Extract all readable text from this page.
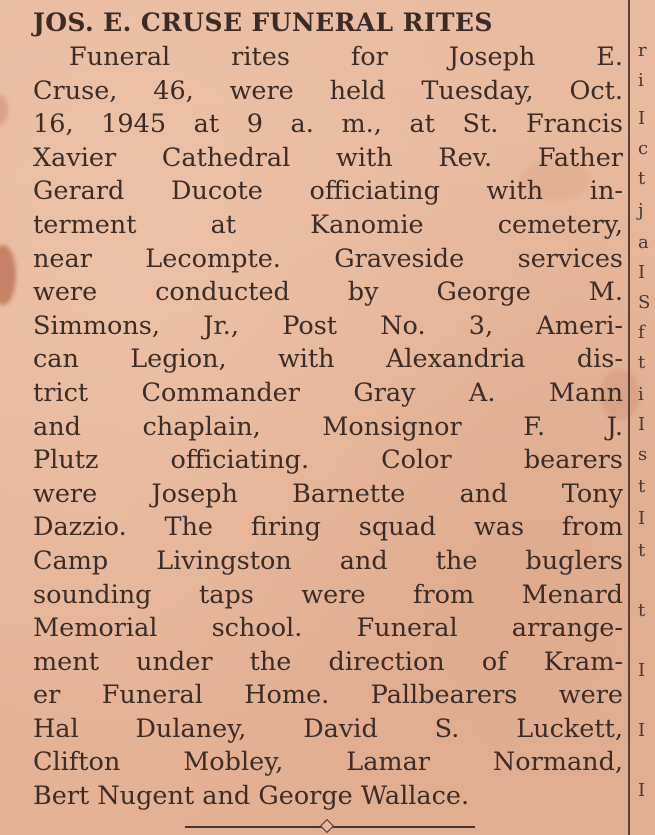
JOS. E. CRUSE FUNERAL RITES
Funeral rites for Joseph E.
Cruse, 46, were held Tuesday, Oct.
16, 1945 at 9 a. m., at St. Francis
Xavier Cathedral with Rev. Father
Gerard Ducote officiating with in-
terment at Kanomie cemetery,
near Lecompte. Graveside services
were conducted by George M.
Simmons, Jr., Post No. 3, Ameri-
can Legion, with Alexandria dis-
trict Commander Gray A. Mann
and chaplain, Monsignor F. J.
Plutz officiating. Color bearers
were Joseph Barnette and Tony
Dazzio. The firing squad was from
Camp Livingston and the buglers
sounding taps were from Menard
Memorial school. Funeral arrange-
ment under the direction of Kram-
er Funeral Home. Pallbearers were
Hal Dulaney, David S. Luckett,
Clifton Mobley, Lamar Normand,
Bert Nugent and George Wallace.
r
i
I
c
t
j
a
I
S
f
t
i
I
s
t
I
t
t
I
I
I
